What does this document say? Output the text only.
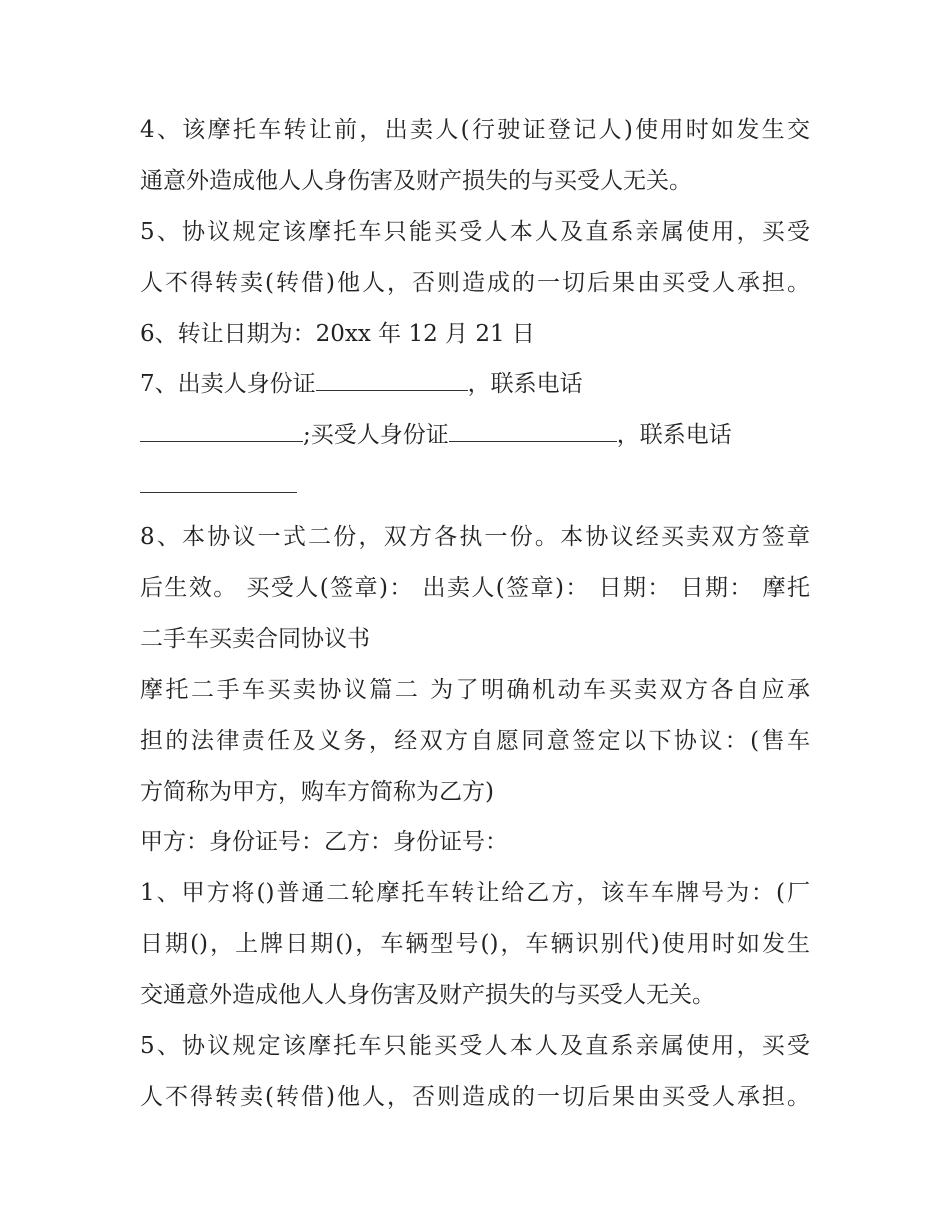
4、该摩托车转让前，出卖人(行驶证登记人)使用时如发生交
通意外造成他人人身伤害及财产损失的与买受人无关。
5、协议规定该摩托车只能买受人本人及直系亲属使用，买受
人不得转卖(转借)他人，否则造成的一切后果由买受人承担。
6、转让日期为：20xx 年 12 月 21 日
7、出卖人身份证	，联系电话
;买受人身份证	，联系电话
8、本协议一式二份，双方各执一份。本协议经买卖双方签章
后生效。 买受人(签章)： 出卖人(签章)： 日期： 日期： 摩托
二手车买卖合同协议书
摩托二手车买卖协议篇二 为了明确机动车买卖双方各自应承
担的法律责任及义务，经双方自愿同意签定以下协议：(售车
方简称为甲方，购车方简称为乙方)
甲方：身份证号：乙方：身份证号：
1、甲方将()普通二轮摩托车转让给乙方，该车车牌号为：(厂
日期()，上牌日期()，车辆型号()，车辆识别代)使用时如发生
交通意外造成他人人身伤害及财产损失的与买受人无关。
5、协议规定该摩托车只能买受人本人及直系亲属使用，买受
人不得转卖(转借)他人，否则造成的一切后果由买受人承担。
